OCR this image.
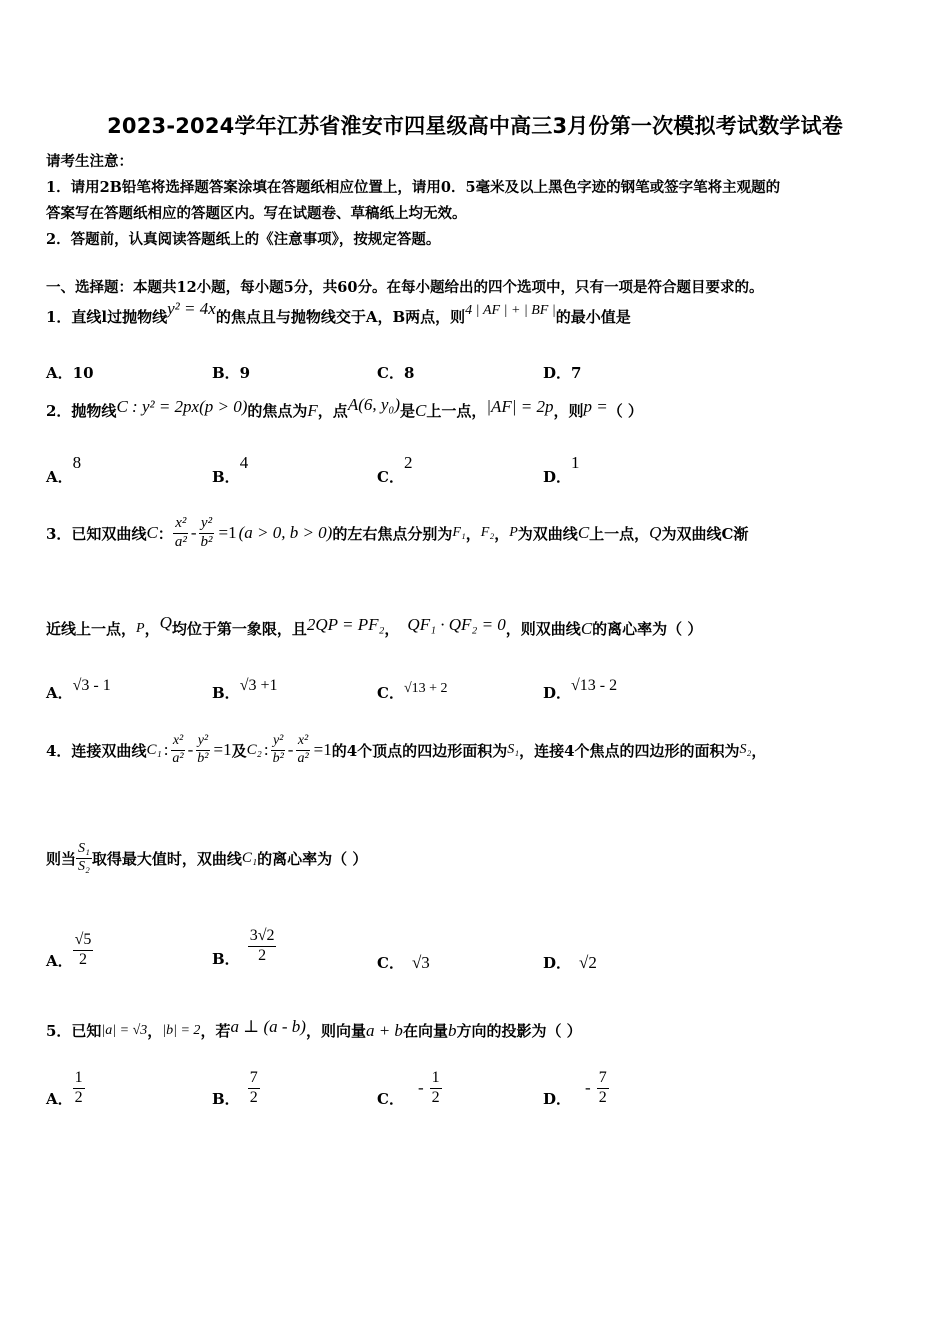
2023-2024学年江苏省淮安市四星级高中高三3月份第一次模拟考试数学试卷
请考生注意：
1．请用2B铅笔将选择题答案涂填在答题纸相应位置上，请用0．5毫米及以上黑色字迹的钢笔或签字笔将主观题的
答案写在答题纸相应的答题区内。写在试题卷、草稿纸上均无效。
2．答题前，认真阅读答题纸上的《注意事项》，按规定答题。
一、选择题：本题共12小题，每小题5分，共60分。在每小题给出的四个选项中，只有一项是符合题目要求的。
1．直线l过抛物线y² = 4x的焦点且与抛物线交于A，B两点，则4 | AF | + | BF |的最小值是
A．10	B．9	C．8	D．7
2．抛物线C : y² = 2px(p > 0)的焦点为F，点A(6, y₀)是C上一点，|AF| = 2p，则p =（ ）
A．8
B．4
C．2
D．1
3．已知双曲线 C ： $\frac{\text{x²}}{\text{a²}} - \frac{\text{y²}}{\text{b²}} =1$ (a > 0, b > 0) 的左右焦点分别为 F₁ ， F₂ ， P 为双曲线 C 上一点， Q 为双曲线C渐
近线上一点， P ， Q 均位于第一象限，且 2QP = PF₂ ， QF₁ · QF₂ = 0 ，则双曲线 C 的离心率为（ ）
A．√3 - 1	B．√3 +1	C．√13 + 2	D．√13 - 2
4．连接双曲线 C₁ : $\frac{\text{x²}}{\text{a²}} - \frac{\text{y²}}{\text{b²}} =1$ 及 C₂ : $\frac{\text{y²}}{\text{b²}} - \frac{\text{x²}}{\text{a²}} =1$ 的4个顶点的四边形面积为 S₁ ，连接4个焦点的四边形的面积为 S₂ ，
则当 $\frac{\text{S₁}}{\text{S₂}}$ 取得最大值时，双曲线 C₁ 的离心率为（ ）
A． $\frac{√5}{2}$	B． $\frac{3√2}{2}$	C． √3	D． √2
5．已知 |a| = √3 ， |b| = 2 ，若 a ⊥ (a - b) ，则向量 a + b 在向量 b 方向的投影为（ ）
A． $\frac{1}{2}$	B． $\frac{7}{2}$	C．
- $\frac{1}{2}$	D．
- $\frac{7}{2}$
